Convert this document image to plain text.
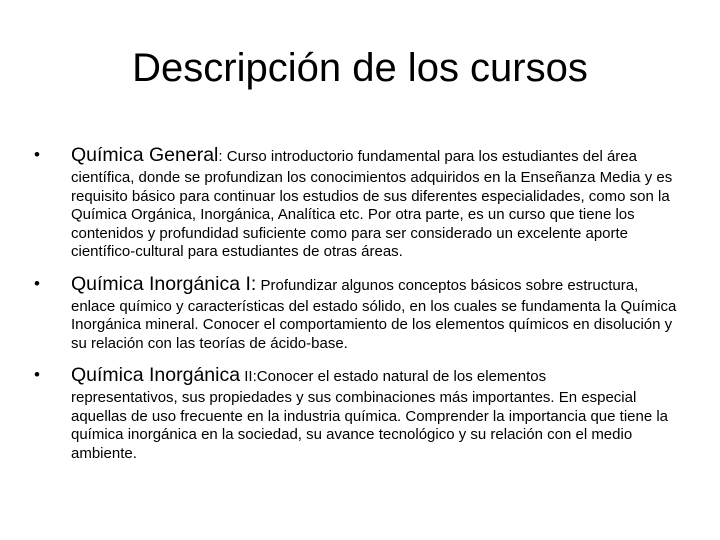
Descripción de los cursos
• Química General: Curso introductorio fundamental para los estudiantes del área
científica, donde se profundizan los conocimientos adquiridos en la Enseñanza Media y es requisito básico para continuar los estudios de sus diferentes especialidades, como son la Química Orgánica, Inorgánica, Analítica etc. Por otra parte, es un curso que tiene los contenidos y profundidad suficiente como para ser considerado un excelente aporte científico-cultural para estudiantes de otras áreas.
• Química Inorgánica I: Profundizar algunos conceptos básicos sobre estructura,
enlace químico y características del estado sólido, en los cuales se fundamenta la Química Inorgánica mineral. Conocer el comportamiento de los elementos químicos en disolución y su relación con las teorías de ácido-base.
• Química Inorgánica II:Conocer el estado natural de los elementos
representativos, sus propiedades y sus combinaciones más importantes. En especial aquellas de uso frecuente en la industria química. Comprender la importancia que tiene la química inorgánica en la sociedad, su avance tecnológico y su relación con el medio ambiente.
